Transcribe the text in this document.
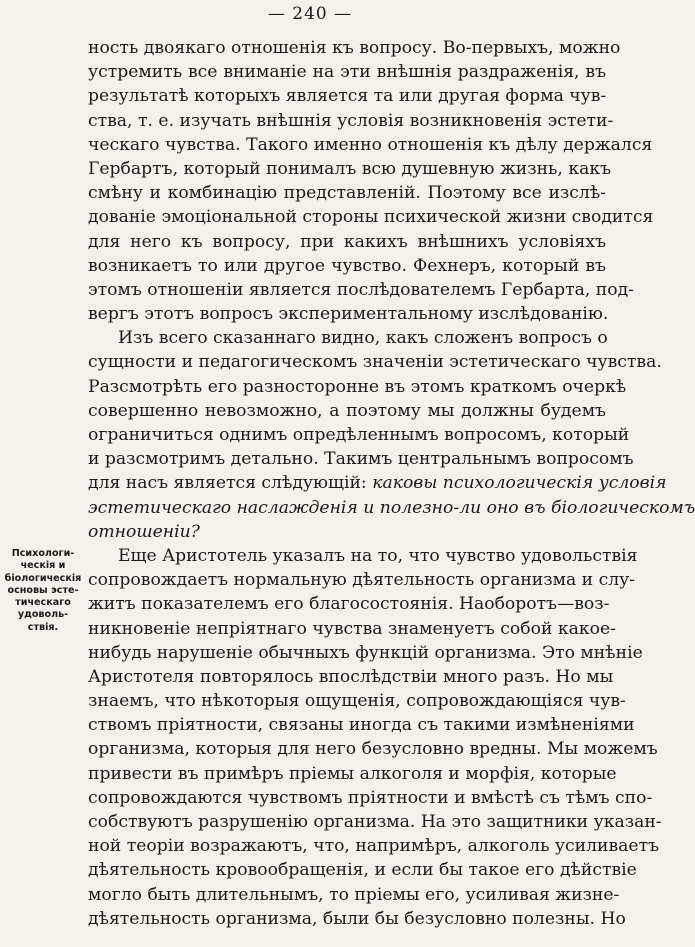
— 240 —
Психологи-
ческія и
біологическія
основы эсте-
тическаго
удоволь-
ствія.
ность двоякаго отношенія къ вопросу. Во-первыхъ, можно
устремить все вниманіе на эти внѣшнія раздраженія, въ
результатѣ которыхъ является та или другая форма чув-
ства, т. е. изучать внѣшнія условія возникновенія эстети-
ческаго чувства. Такого именно отношенія къ дѣлу держался
Гербартъ, который понималъ всю душевную жизнь, какъ
смѣну и комбинацію представленій. Поэтому все изслѣ-
дованіе эмоціональной стороны психической жизни сводится
для него къ вопросу, при какихъ внѣшнихъ условіяхъ
возникаетъ то или другое чувство. Фехнеръ, который въ
этомъ отношеніи является послѣдователемъ Гербарта, под-
вергъ этотъ вопросъ экспериментальному изслѣдованію.
Изъ всего сказаннаго видно, какъ сложенъ вопросъ о
сущности и педагогическомъ значеніи эстетическаго чувства.
Разсмотрѣть его разносторонне въ этомъ краткомъ очеркѣ
совершенно невозможно, а поэтому мы должны будемъ
ограничиться однимъ опредѣленнымъ вопросомъ, который
и разсмотримъ детально. Такимъ центральнымъ вопросомъ
для насъ является слѣдующій: каковы психологическія условія
эстетическаго наслажденія и полезно-ли оно въ біологическомъ
отношеніи?
Еще Аристотель указалъ на то, что чувство удовольствія
сопровождаетъ нормальную дѣятельность организма и слу-
житъ показателемъ его благосостоянія. Наоборотъ—воз-
никновеніе непріятнаго чувства знаменуетъ собой какое-
нибудь нарушеніе обычныхъ функцій организма. Это мнѣніе
Аристотеля повторялось впослѣдствіи много разъ. Но мы
знаемъ, что нѣкоторыя ощущенія, сопровождающіяся чув-
ствомъ пріятности, связаны иногда съ такими измѣненіями
организма, которыя для него безусловно вредны. Мы можемъ
привести въ примѣръ пріемы алкоголя и морфія, которые
сопровождаются чувствомъ пріятности и вмѣстѣ съ тѣмъ спо-
собствуютъ разрушенію организма. На это защитники указан-
ной теоріи возражаютъ, что, напримѣръ, алкоголь усиливаетъ
дѣятельность кровообращенія, и если бы такое его дѣйствіе
могло быть длительнымъ, то пріемы его, усиливая жизне-
дѣятельность организма, были бы безусловно полезны. Но
